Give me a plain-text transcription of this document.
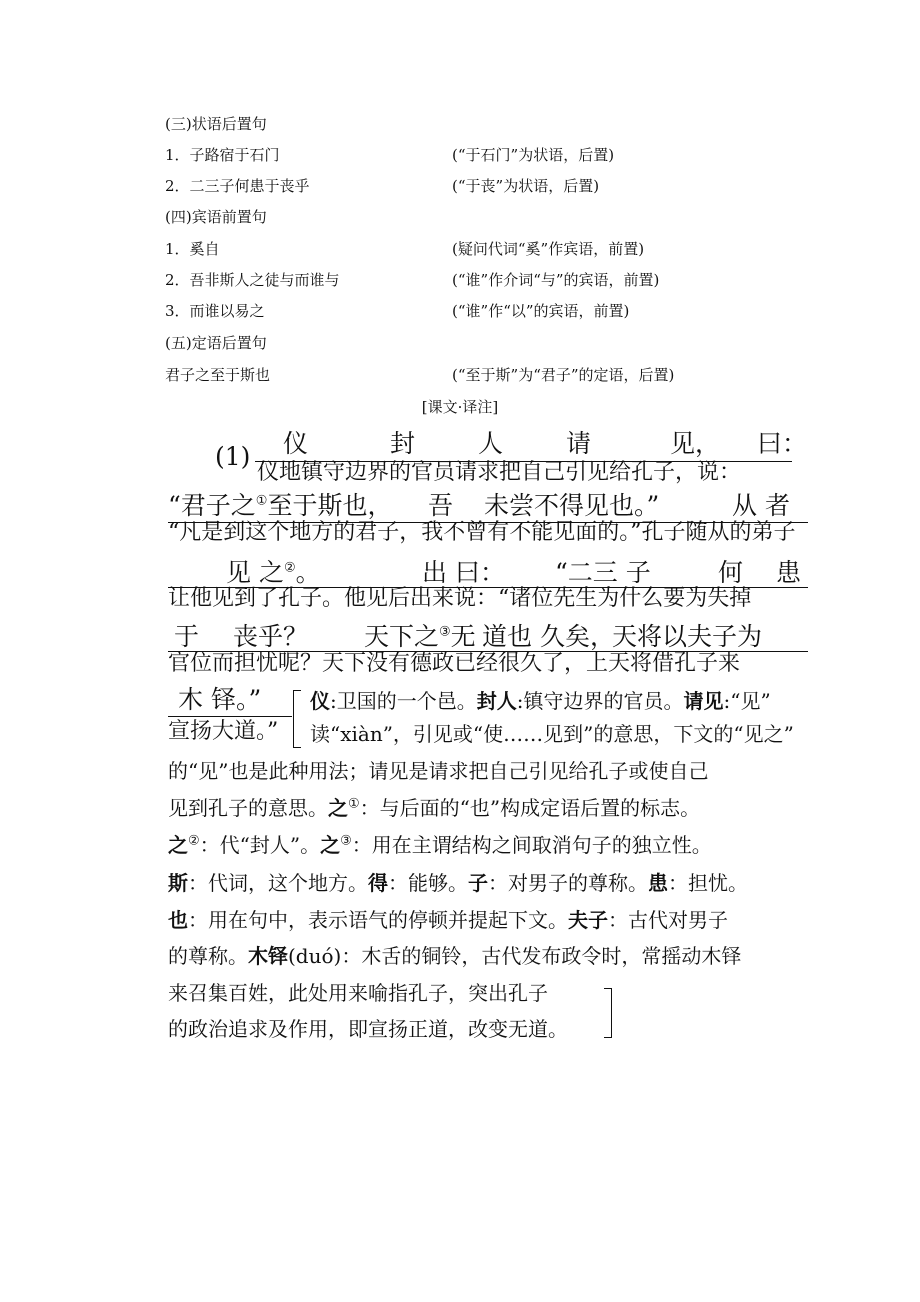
(三)状语后置句
1．子路宿于石门	(“于石门”为状语，后置)
2．二三子何患于丧乎	(“于丧”为状语，后置)
(四)宾语前置句
1．奚自	(疑问代词“奚”作宾语，前置)
2．吾非斯人之徒与而谁与	(“谁”作介词“与”的宾语，前置)
3．而谁以易之	(“谁”作“以”的宾语，前置)
(五)定语后置句
君子之至于斯也	(“至于斯”为“君子”的定语，后置)
[课文·译注]
(1) 仪	封	人	请	见， 曰：
仪地镇守边界的官员请求把自己引见给孔子，说：
“君子之①至于斯也， 吾 未尝不得见也。”	从 者
“凡是到这个地方的君子，我不曾有不能见面的。”孔子随从的弟子
见 之②。	出 曰： “二三 子	何 患
让他见到了孔子。他见后出来说：“诸位先生为什么要为失掉
于 丧乎？ 天下之③无 道也 久矣，
天将以夫子为
官位而担忧呢？天下没有德政已经很久了，上天将借孔子来
木 铎。”
宣扬大道。”
仪:卫国的一个邑。封人:镇守边界的官员。请见:“见”
读“xiàn”，引见或“使……见到”的意思，下文的“见之”
的“见”也是此种用法；请见是请求把自己引见给孔子或使自己
见到孔子的意思。之①：与后面的“也”构成定语后置的标志。
之②：代“封人”。之③：用在主谓结构之间取消句子的独立性。
斯：代词，这个地方。得：能够。子：对男子的尊称。患：担忧。
也：用在句中，表示语气的停顿并提起下文。夫子：古代对男子
的尊称。木铎(duó)：木舌的铜铃，古代发布政令时，常摇动木铎
来召集百姓，此处用来喻指孔子，突出孔子
的政治追求及作用，即宣扬正道，改变无道。
